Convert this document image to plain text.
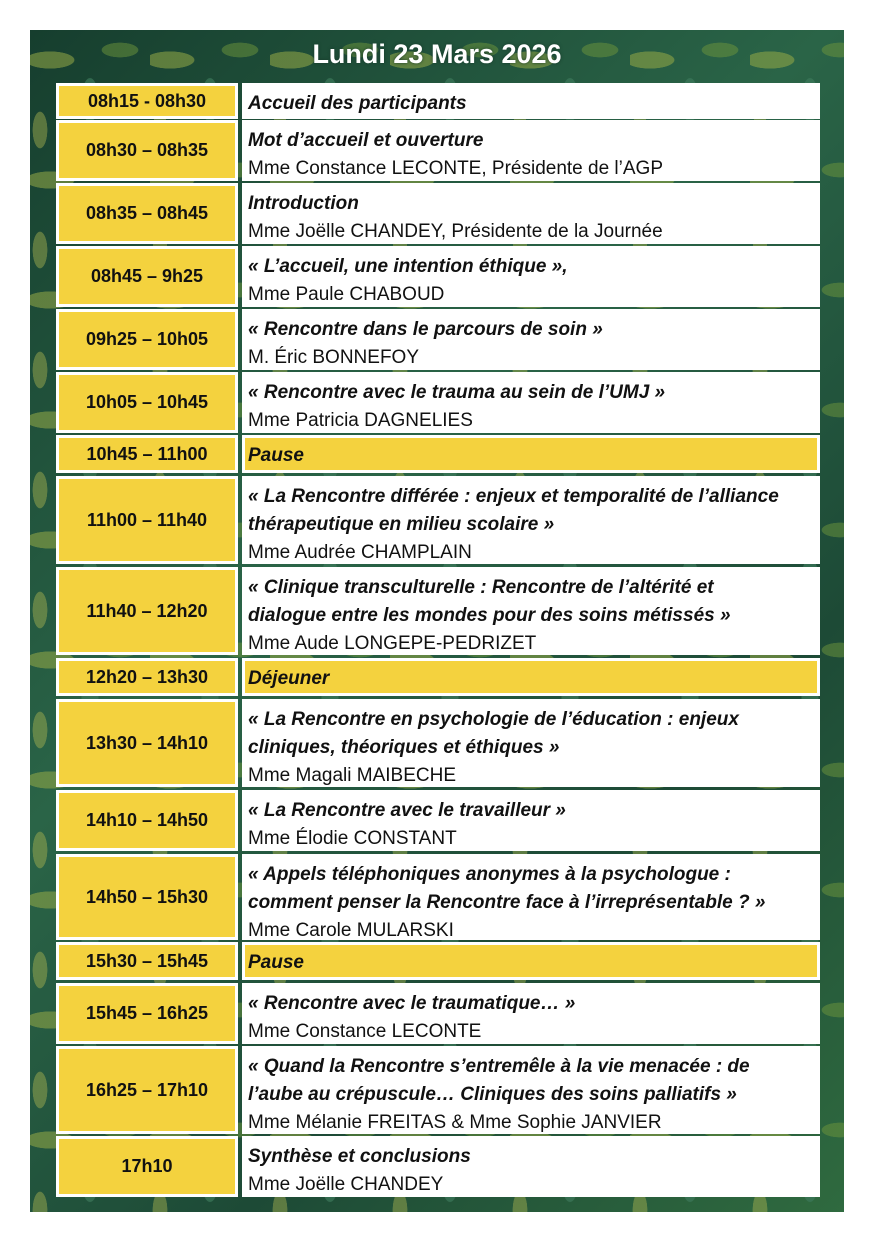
Lundi 23 Mars 2026
08h15 - 08h30	Accueil des participants
08h30 – 08h35	Mot d’accueil et ouverture
Mme Constance LECONTE, Présidente de l’AGP
08h35 – 08h45	Introduction
Mme Joëlle CHANDEY, Présidente de la Journée
08h45 – 9h25	« L’accueil, une intention éthique »,
Mme Paule CHABOUD
09h25 – 10h05	« Rencontre dans le parcours de soin »
M. Éric BONNEFOY
10h05 – 10h45	« Rencontre avec le trauma au sein de l’UMJ »
Mme Patricia DAGNELIES
10h45 – 11h00	Pause
11h00 – 11h40
« La Rencontre différée : enjeux et temporalité de l’alliance
thérapeutique en milieu scolaire »
Mme Audrée CHAMPLAIN
11h40 – 12h20
« Clinique transculturelle : Rencontre de l’altérité et
dialogue entre les mondes pour des soins métissés »
Mme Aude LONGEPE-PEDRIZET
12h20 – 13h30	Déjeuner
13h30 – 14h10
« La Rencontre en psychologie de l’éducation : enjeux
cliniques, théoriques et éthiques »
Mme Magali MAIBECHE
14h10 – 14h50	« La Rencontre avec le travailleur »
Mme Élodie CONSTANT
14h50 – 15h30
« Appels téléphoniques anonymes à la psychologue :
comment penser la Rencontre face à l’irreprésentable ? »
Mme Carole MULARSKI
15h30 – 15h45	Pause
15h45 – 16h25	« Rencontre avec le traumatique… »
Mme Constance LECONTE
16h25 – 17h10
« Quand la Rencontre s’entremêle à la vie menacée : de
l’aube au crépuscule… Cliniques des soins palliatifs »
Mme Mélanie FREITAS & Mme Sophie JANVIER
17h10	Synthèse et conclusions
Mme Joëlle CHANDEY
